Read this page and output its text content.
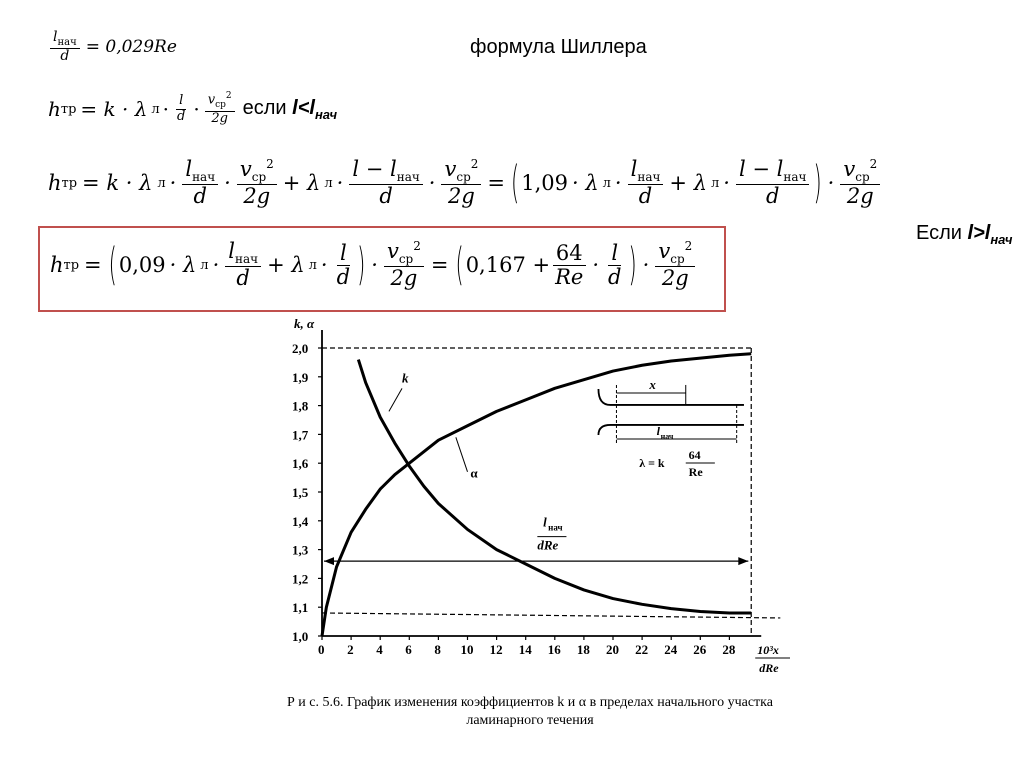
$\frac{l_{нач}}{d} = 0,029Re$	формула Шиллера
h тр = k · λ $л \cdot \frac{l}{d} \cdot \frac{v_{ср}^2}{2g}$ если $l<l_{нач}$
h тр = k · λ $л \cdot \frac{l_{нач}}{d} \cdot \frac{v_{ср}^2}{2g} + \lambda$ $л \cdot \frac{l - l_{нач}}{d} \cdot \frac{v_{ср}^2}{2g}$ = ( 1,09 · λ $л \cdot \frac{l_{нач}}{d} + \lambda$ $л \cdot \frac{l - l_{нач}}{d}$ ) · $\frac{v_{ср}^2}{2g}$
Если $l>l_{нач}$
h тр = ( 0,09 · λ $л \cdot \frac{l_{нач}}{d} + \lambda$ $л \cdot \frac{l}{d}$ ) · $\frac{v_{ср}^2}{2g}$ = ( $0,167 + \frac{64}{Re} \cdot \frac{l}{d}$ ) · $\frac{v_{ср}^2}{2g}$
1,0
1,1
1,2
1,3
1,4
1,5
1,6
1,7
1,8
1,9
2,0
0 2 4 6 8 10 12 14 16 18 20 22 24 26 28
k, α
10³x
dRe
k
α
l нач
dRe
x
l нач
λ = k
64
Re
Р и с. 5.6. График изменения коэффициентов k и α в пределах начального участка
ламинарного течения
